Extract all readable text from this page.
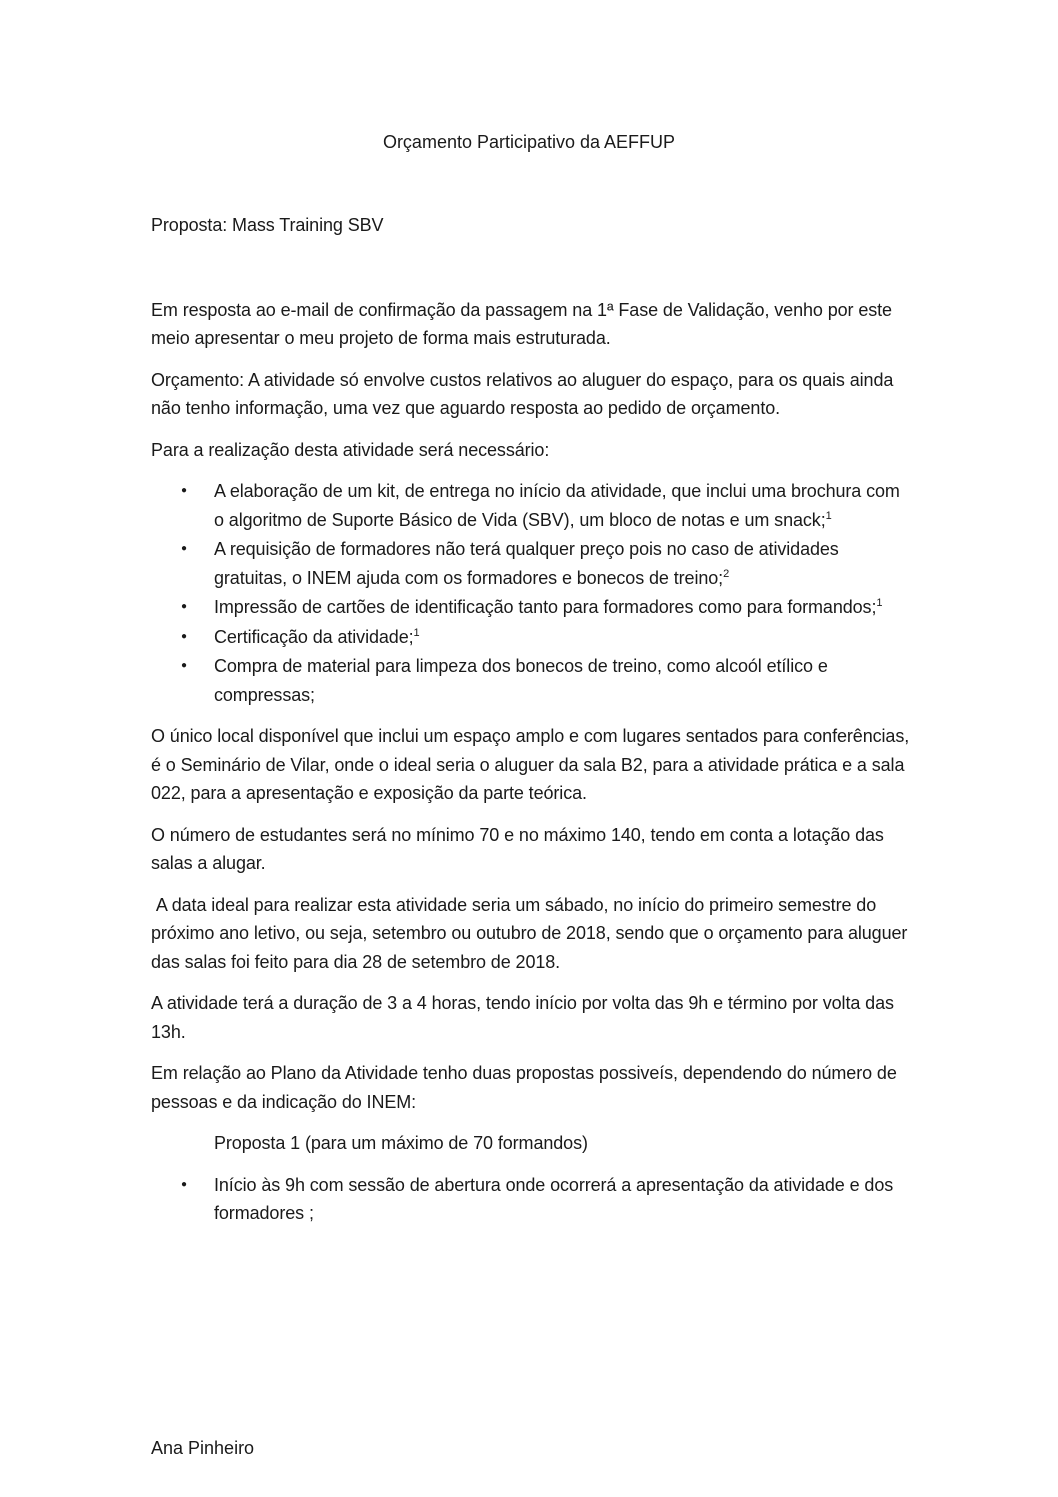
Orçamento Participativo da AEFFUP

Proposta: Mass Training SBV

Em resposta ao e-mail de confirmação da passagem na 1ª Fase de Validação, venho por este meio apresentar o meu projeto de forma mais estruturada.

Orçamento: A atividade só envolve custos relativos ao aluguer do espaço, para os quais ainda não tenho informação, uma vez que aguardo resposta ao pedido de orçamento.

Para a realização desta atividade será necessário:

● A elaboração de um kit, de entrega no início da atividade, que inclui uma brochura com o algoritmo de Suporte Básico de Vida (SBV), um bloco de notas e um snack;$^1$
● A requisição de formadores não terá qualquer preço pois no caso de atividades gratuitas, o INEM ajuda com os formadores e bonecos de treino;$^2$
● Impressão de cartões de identificação tanto para formadores como para formandos;$^1$
● Certificação da atividade;$^1$
● Compra de material para limpeza dos bonecos de treino, como alcoól etílico e compressas;

O único local disponível que inclui um espaço amplo e com lugares sentados para conferências, é o Seminário de Vilar, onde o ideal seria o aluguer da sala B2, para a atividade prática e a sala 022, para a apresentação e exposição da parte teórica.

O número de estudantes será no mínimo 70 e no máximo 140, tendo em conta a lotação das salas a alugar.

A data ideal para realizar esta atividade seria um sábado, no início do primeiro semestre do próximo ano letivo, ou seja, setembro ou outubro de 2018, sendo que o orçamento para aluguer das salas foi feito para dia 28 de setembro de 2018.

A atividade terá a duração de 3 a 4 horas, tendo início por volta das 9h e término por volta das 13h.

Em relação ao Plano da Atividade tenho duas propostas possiveís, dependendo do número de pessoas e da indicação do INEM:

Proposta 1 (para um máximo de 70 formandos)

● Início às 9h com sessão de abertura onde ocorrerá a apresentação da atividade e dos formadores ;
Ana Pinheiro
